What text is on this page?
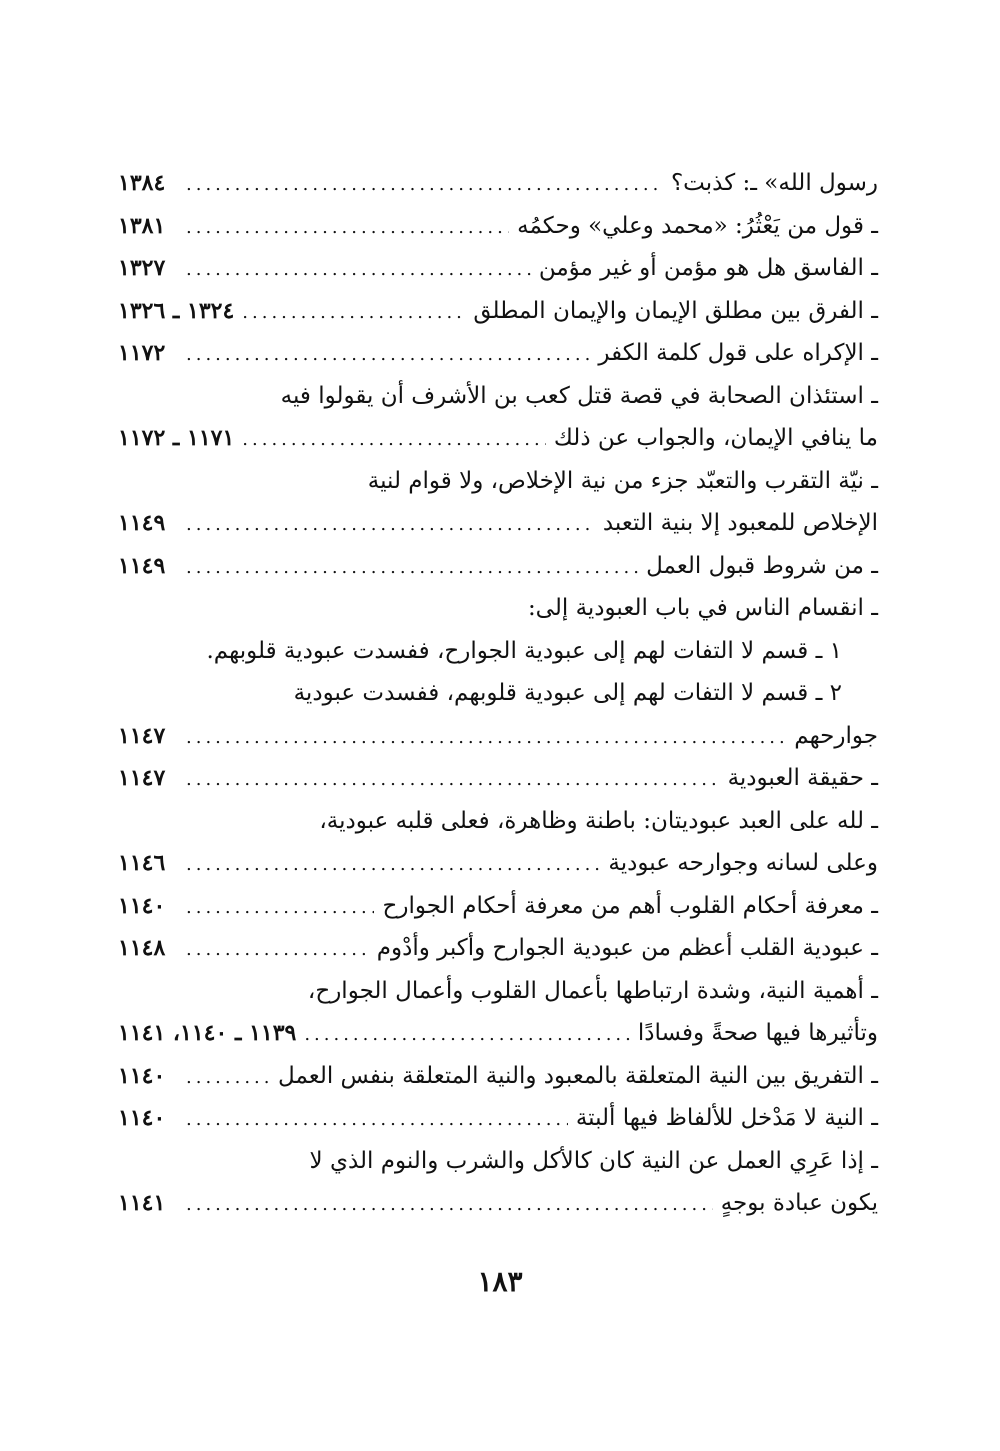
رسول الله» ـ: كذبت؟
.....
١٣٨٤
ـ قول من يَعْثُرُ: «محمد وعلي» وحكمُه
.....
١٣٨١
ـ الفاسق هل هو مؤمن أو غير مؤمن
.....
١٣٢٧
ـ الفرق بين مطلق الإيمان والإيمان المطلق
.....
١٣٢٤ ـ ١٣٢٦
ـ الإكراه على قول كلمة الكفر
.....
١١٧٢
ـ استئذان الصحابة في قصة قتل كعب بن الأشرف أن يقولوا فيه
ما ينافي الإيمان، والجواب عن ذلك
.....
١١٧١ ـ ١١٧٢
ـ نيّة التقرب والتعبّد جزء من نية الإخلاص، ولا قوام لنية
الإخلاص للمعبود إلا بنية التعبد
.....
١١٤٩
ـ من شروط قبول العمل
.....
١١٤٩
ـ انقسام الناس في باب العبودية إلى:
١ ـ قسم لا التفات لهم إلى عبودية الجوارح، ففسدت عبودية قلوبهم.
٢ ـ قسم لا التفات لهم إلى عبودية قلوبهم، ففسدت عبودية
جوارحهم
.....
١١٤٧
ـ حقيقة العبودية
.....
١١٤٧
ـ لله على العبد عبوديتان: باطنة وظاهرة، فعلى قلبه عبودية،
وعلى لسانه وجوارحه عبودية
.....
١١٤٦
ـ معرفة أحكام القلوب أهم من معرفة أحكام الجوارح
.....
١١٤٠
ـ عبودية القلب أعظم من عبودية الجوارح وأكبر وأدْوم
.....
١١٤٨
ـ أهمية النية، وشدة ارتباطها بأعمال القلوب وأعمال الجوارح،
وتأثيرها فيها صحةً وفسادًا
.....
١١٣٩ ـ ١١٤٠، ١١٤١
ـ التفريق بين النية المتعلقة بالمعبود والنية المتعلقة بنفس العمل
.....
١١٤٠
ـ النية لا مَدْخل للألفاظ فيها ألبتة
.....
١١٤٠
ـ إذا عَرِي العمل عن النية كان كالأكل والشرب والنوم الذي لا
يكون عبادة بوجهٍ
.....
١١٤١
١٨٣
